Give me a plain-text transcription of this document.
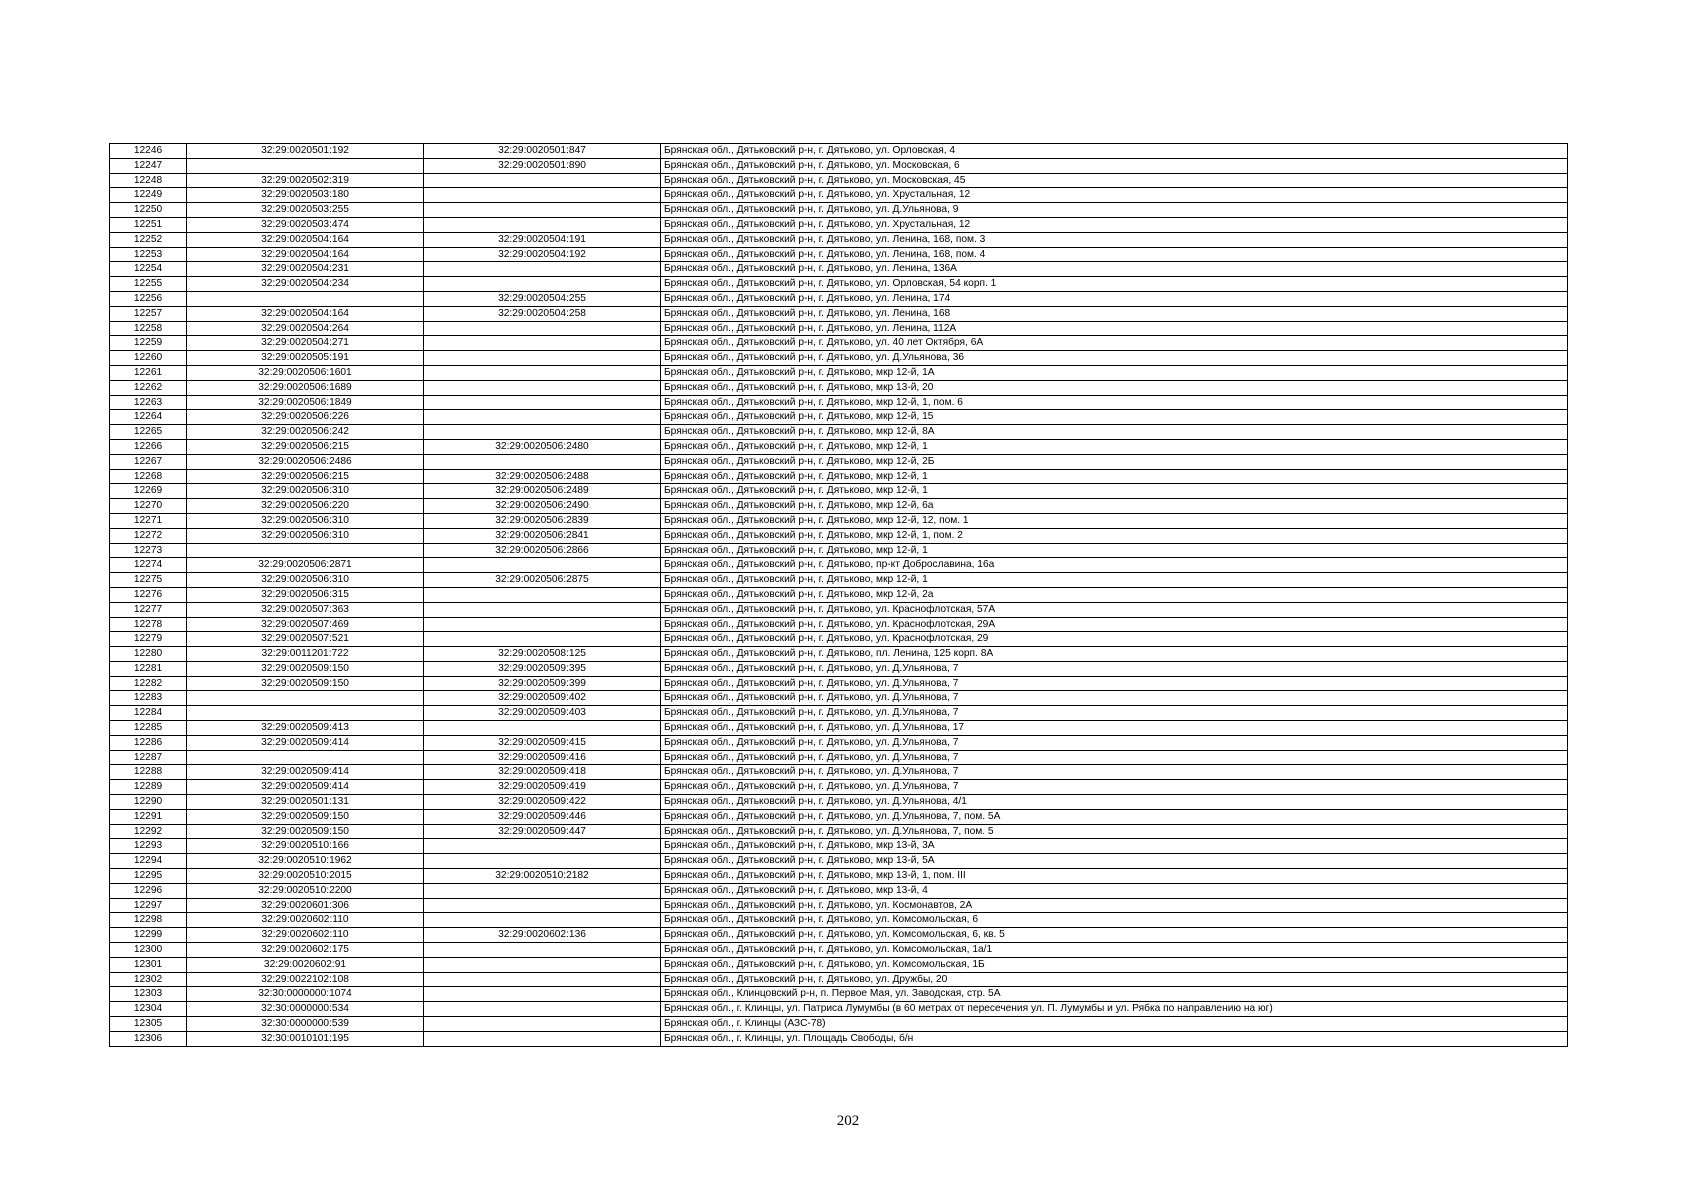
12246	32:29:0020501:192	32:29:0020501:847	Брянская обл., Дятьковский р-н, г. Дятьково, ул. Орловская, 4
12247		32:29:0020501:890	Брянская обл., Дятьковский р-н, г. Дятьково, ул. Московская, 6
12248	32:29:0020502:319		Брянская обл., Дятьковский р-н, г. Дятьково, ул. Московская, 45
12249	32:29:0020503:180		Брянская обл., Дятьковский р-н, г. Дятьково, ул. Хрустальная, 12
12250	32:29:0020503:255		Брянская обл., Дятьковский р-н, г. Дятьково, ул. Д.Ульянова, 9
12251	32:29:0020503:474		Брянская обл., Дятьковский р-н, г. Дятьково, ул. Хрустальная, 12
12252	32:29:0020504:164	32:29:0020504:191	Брянская обл., Дятьковский р-н, г. Дятьково, ул. Ленина, 168, пом. 3
12253	32:29:0020504:164	32:29:0020504:192	Брянская обл., Дятьковский р-н, г. Дятьково, ул. Ленина, 168, пом. 4
12254	32:29:0020504:231		Брянская обл., Дятьковский р-н, г. Дятьково, ул. Ленина, 136А
12255	32:29:0020504:234		Брянская обл., Дятьковский р-н, г. Дятьково, ул. Орловская, 54 корп. 1
12256		32:29:0020504:255	Брянская обл., Дятьковский р-н, г. Дятьково, ул. Ленина, 174
12257	32:29:0020504:164	32:29:0020504:258	Брянская обл., Дятьковский р-н, г. Дятьково, ул. Ленина, 168
12258	32:29:0020504:264		Брянская обл., Дятьковский р-н, г. Дятьково, ул. Ленина, 112А
12259	32:29:0020504:271		Брянская обл., Дятьковский р-н, г. Дятьково, ул. 40 лет Октября, 6А
12260	32:29:0020505:191		Брянская обл., Дятьковский р-н, г. Дятьково, ул. Д.Ульянова, 36
12261	32:29:0020506:1601		Брянская обл., Дятьковский р-н, г. Дятьково, мкр 12-й, 1А
12262	32:29:0020506:1689		Брянская обл., Дятьковский р-н, г. Дятьково, мкр 13-й, 20
12263	32:29:0020506:1849		Брянская обл., Дятьковский р-н, г. Дятьково, мкр 12-й, 1, пом. 6
12264	32:29:0020506:226		Брянская обл., Дятьковский р-н, г. Дятьково, мкр 12-й, 15
12265	32:29:0020506:242		Брянская обл., Дятьковский р-н, г. Дятьково, мкр 12-й, 8А
12266	32:29:0020506:215	32:29:0020506:2480	Брянская обл., Дятьковский р-н, г. Дятьково, мкр 12-й, 1
12267	32:29:0020506:2486		Брянская обл., Дятьковский р-н, г. Дятьково, мкр 12-й, 2Б
12268	32:29:0020506:215	32:29:0020506:2488	Брянская обл., Дятьковский р-н, г. Дятьково, мкр 12-й, 1
12269	32:29:0020506:310	32:29:0020506:2489	Брянская обл., Дятьковский р-н, г. Дятьково, мкр 12-й, 1
12270	32:29:0020506:220	32:29:0020506:2490	Брянская обл., Дятьковский р-н, г. Дятьково, мкр 12-й, 6а
12271	32:29:0020506:310	32:29:0020506:2839	Брянская обл., Дятьковский р-н, г. Дятьково, мкр 12-й, 12, пом. 1
12272	32:29:0020506:310	32:29:0020506:2841	Брянская обл., Дятьковский р-н, г. Дятьково, мкр 12-й, 1, пом. 2
12273		32:29:0020506:2866	Брянская обл., Дятьковский р-н, г. Дятьково, мкр 12-й, 1
12274	32:29:0020506:2871		Брянская обл., Дятьковский р-н, г. Дятьково, пр-кт Доброславина, 16а
12275	32:29:0020506:310	32:29:0020506:2875	Брянская обл., Дятьковский р-н, г. Дятьково, мкр 12-й, 1
12276	32:29:0020506:315		Брянская обл., Дятьковский р-н, г. Дятьково, мкр 12-й, 2а
12277	32:29:0020507:363		Брянская обл., Дятьковский р-н, г. Дятьково, ул. Краснофлотская, 57А
12278	32:29:0020507:469		Брянская обл., Дятьковский р-н, г. Дятьково, ул. Краснофлотская, 29А
12279	32:29:0020507:521		Брянская обл., Дятьковский р-н, г. Дятьково, ул. Краснофлотская, 29
12280	32:29:0011201:722	32:29:0020508:125	Брянская обл., Дятьковский р-н, г. Дятьково, пл. Ленина, 125 корп. 8А
12281	32:29:0020509:150	32:29:0020509:395	Брянская обл., Дятьковский р-н, г. Дятьково, ул. Д.Ульянова, 7
12282	32:29:0020509:150	32:29:0020509:399	Брянская обл., Дятьковский р-н, г. Дятьково, ул. Д.Ульянова, 7
12283		32:29:0020509:402	Брянская обл., Дятьковский р-н, г. Дятьково, ул. Д.Ульянова, 7
12284		32:29:0020509:403	Брянская обл., Дятьковский р-н, г. Дятьково, ул. Д.Ульянова, 7
12285	32:29:0020509:413		Брянская обл., Дятьковский р-н, г. Дятьково, ул. Д.Ульянова, 17
12286	32:29:0020509:414	32:29:0020509:415	Брянская обл., Дятьковский р-н, г. Дятьково, ул. Д.Ульянова, 7
12287		32:29:0020509:416	Брянская обл., Дятьковский р-н, г. Дятьково, ул. Д.Ульянова, 7
12288	32:29:0020509:414	32:29:0020509:418	Брянская обл., Дятьковский р-н, г. Дятьково, ул. Д.Ульянова, 7
12289	32:29:0020509:414	32:29:0020509:419	Брянская обл., Дятьковский р-н, г. Дятьково, ул. Д.Ульянова, 7
12290	32:29:0020501:131	32:29:0020509:422	Брянская обл., Дятьковский р-н, г. Дятьково, ул. Д.Ульянова, 4/1
12291	32:29:0020509:150	32:29:0020509:446	Брянская обл., Дятьковский р-н, г. Дятьково, ул. Д.Ульянова, 7, пом. 5А
12292	32:29:0020509:150	32:29:0020509:447	Брянская обл., Дятьковский р-н, г. Дятьково, ул. Д.Ульянова, 7, пом. 5
12293	32:29:0020510:166		Брянская обл., Дятьковский р-н, г. Дятьково, мкр 13-й, 3А
12294	32:29:0020510:1962		Брянская обл., Дятьковский р-н, г. Дятьково, мкр 13-й, 5А
12295	32:29:0020510:2015	32:29:0020510:2182	Брянская обл., Дятьковский р-н, г. Дятьково, мкр 13-й, 1, пом. III
12296	32:29:0020510:2200		Брянская обл., Дятьковский р-н, г. Дятьково, мкр 13-й, 4
12297	32:29:0020601:306		Брянская обл., Дятьковский р-н, г. Дятьково, ул. Космонавтов, 2А
12298	32:29:0020602:110		Брянская обл., Дятьковский р-н, г. Дятьково, ул. Комсомольская, 6
12299	32:29:0020602:110	32:29:0020602:136	Брянская обл., Дятьковский р-н, г. Дятьково, ул. Комсомольская, 6, кв. 5
12300	32:29:0020602:175		Брянская обл., Дятьковский р-н, г. Дятьково, ул. Комсомольская, 1а/1
12301	32:29:0020602:91		Брянская обл., Дятьковский р-н, г. Дятьково, ул. Комсомольская, 1Б
12302	32:29:0022102:108		Брянская обл., Дятьковский р-н, г. Дятьково, ул. Дружбы, 20
12303	32:30:0000000:1074		Брянская обл., Клинцовский р-н, п. Первое Мая, ул. Заводская, стр. 5А
12304	32:30:0000000:534		Брянская обл., г. Клинцы, ул. Патриса Лумумбы (в 60 метрах от пересечения ул. П. Лумумбы и ул. Рябка по направлению на юг)
12305	32:30:0000000:539		Брянская обл., г. Клинцы (АЗС-78)
12306	32:30:0010101:195		Брянская обл., г. Клинцы, ул. Площадь Свободы, б/н
202
